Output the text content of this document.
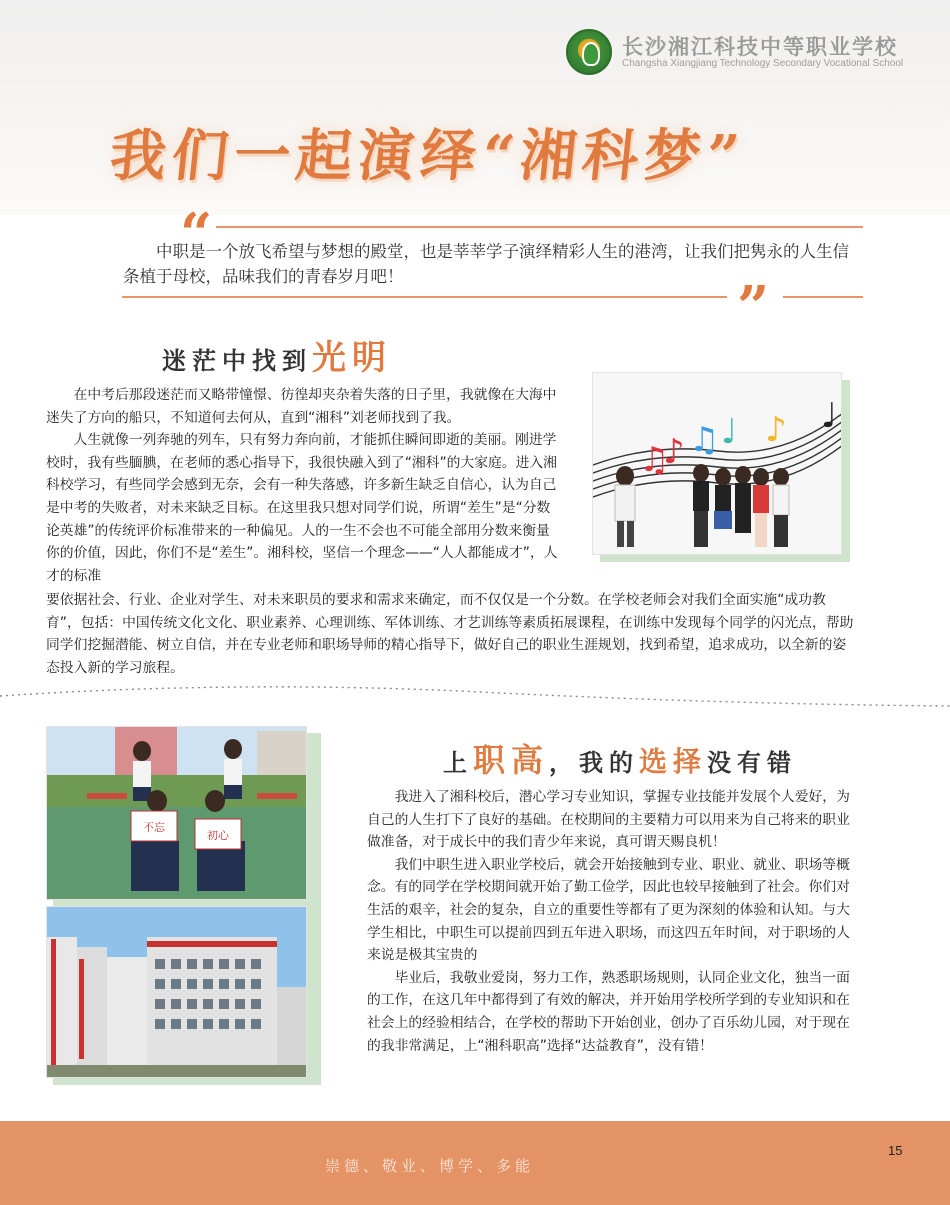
长沙湘江科技中等职业学校
Changsha Xiangjiang Technology Secondary Vocational School
我们一起演绎“湘科梦”
“
中职是一个放飞希望与梦想的殿堂，也是莘莘学子演绎精彩人生的港湾，让我们把隽永的人生信条植于母校，品味我们的青春岁月吧！	”
迷茫中找到光明

在中考后那段迷茫而又略带憧憬、彷徨却夹杂着失落的日子里，我就像在大海中迷失了方向的船只，不知道何去何从，直到“湘科”刘老师找到了我。

人生就像一列奔驰的列车，只有努力奔向前，才能抓住瞬间即逝的美丽。刚进学校时，我有些腼腆，在老师的悉心指导下，我很快融入到了“湘科”的大家庭。进入湘科校学习，有些同学会感到无奈，会有一种失落感，许多新生缺乏自信心，认为自己是中考的失败者，对未来缺乏目标。在这里我只想对同学们说，所谓“差生”是“分数论英雄”的传统评价标准带来的一种偏见。人的一生不会也不可能全部用分数来衡量你的价值，因此，你们不是“差生”。湘科校，坚信一个理念——“人人都能成才”，人才的标准

要依据社会、行业、企业对学生、对未来职员的要求和需求来确定，而不仅仅是一个分数。在学校老师会对我们全面实施“成功教育”，包括：中国传统文化文化、职业素养、心理训练、军体训练、才艺训练等素质拓展课程，在训练中发现每个同学的闪光点，帮助同学们挖掘潜能、树立自信，并在专业老师和职场导师的精心指导下，做好自己的职业生涯规划，找到希望，追求成功，以全新的姿态投入新的学习旅程。

♫
♪ ♫ ♩ ♪ ♩
上职高，我的选择没有错

我进入了湘科校后，潜心学习专业知识，掌握专业技能并发展个人爱好，为自己的人生打下了良好的基础。在校期间的主要精力可以用来为自己将来的职业做准备，对于成长中的我们青少年来说，真可谓天赐良机！

我们中职生进入职业学校后，就会开始接触到专业、职业、就业、职场等概念。有的同学在学校期间就开始了勤工俭学，因此也较早接触到了社会。你们对生活的艰辛，社会的复杂，自立的重要性等都有了更为深刻的体验和认知。与大学生相比，中职生可以提前四到五年进入职场，而这四五年时间，对于职场的人来说是极其宝贵的

毕业后，我敬业爱岗，努力工作，熟悉职场规则，认同企业文化，独当一面的工作，在这几年中都得到了有效的解决，并开始用学校所学到的专业知识和在社会上的经验相结合，在学校的帮助下开始创业，创办了百乐幼儿园，对于现在的我非常满足，上“湘科职高”选择“达益教育”，没有错！

不忘
初心
崇德、敬业、博学、多能
15
